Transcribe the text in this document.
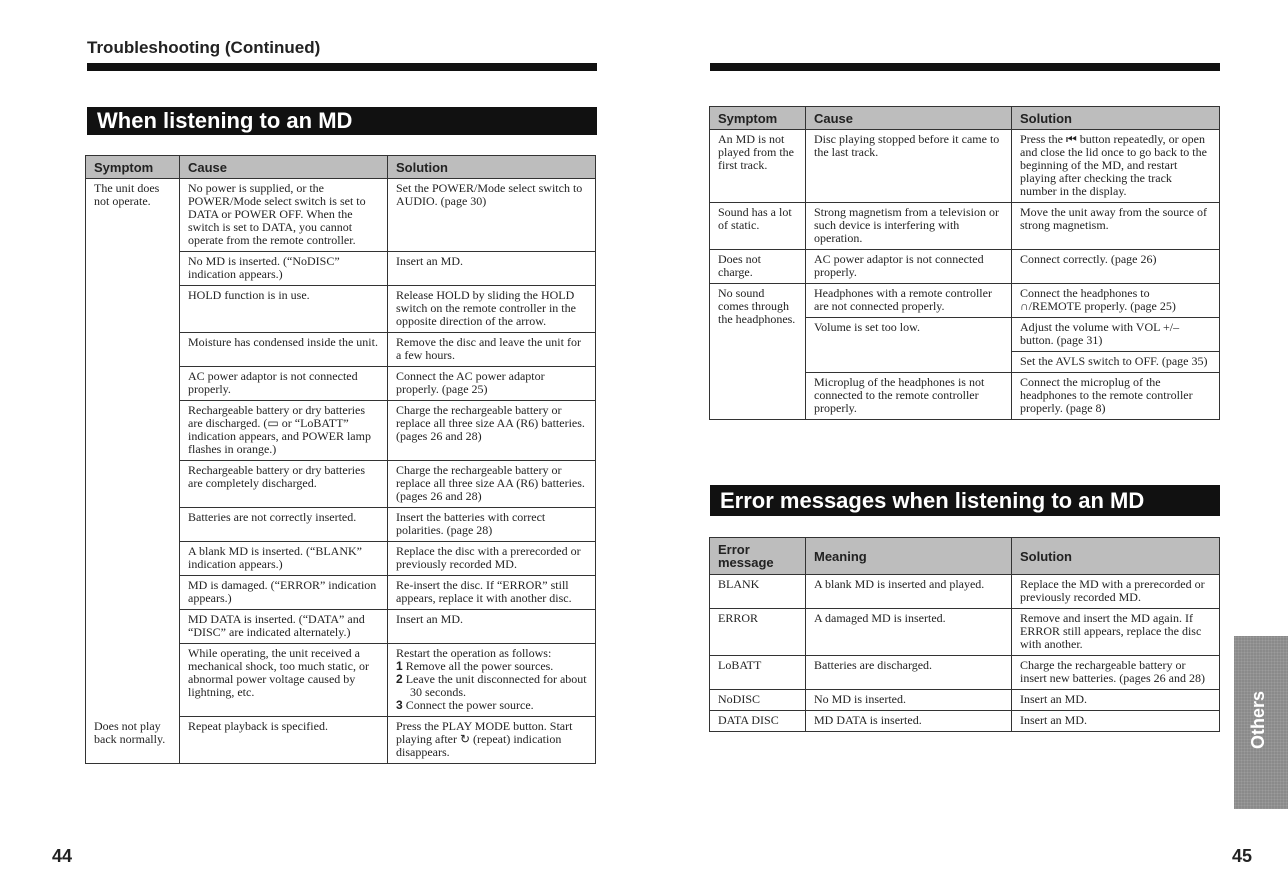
Troubleshooting (Continued)
When listening to an MD
Symptom	Cause	Solution
The unit does not operate.	No power is supplied, or the POWER/Mode select switch is set to DATA or POWER OFF. When the switch is set to DATA, you cannot operate from the remote controller.	Set the POWER/Mode select switch to AUDIO. (page 30)
	No MD is inserted. (“NoDISC” indication appears.)	Insert an MD.
	HOLD function is in use.	Release HOLD by sliding the HOLD switch on the remote controller in the opposite direction of the arrow.
	Moisture has condensed inside the unit.	Remove the disc and leave the unit for a few hours.
	AC power adaptor is not connected properly.	Connect the AC power adaptor properly. (page 25)
	Rechargeable battery or dry batteries are discharged. (▭ or “LoBATT” indication appears, and POWER lamp flashes in orange.)	Charge the rechargeable battery or replace all three size AA (R6) batteries. (pages 26 and 28)
	Rechargeable battery or dry batteries are completely discharged.	Charge the rechargeable battery or replace all three size AA (R6) batteries. (pages 26 and 28)
	Batteries are not correctly inserted.	Insert the batteries with correct polarities. (page 28)
	A blank MD is inserted. (“BLANK” indication appears.)	Replace the disc with a prerecorded or previously recorded MD.
	MD is damaged. (“ERROR” indication appears.)	Re-insert the disc. If “ERROR” still appears, replace it with another disc.
	MD DATA is inserted. (“DATA” and “DISC” are indicated alternately.)	Insert an MD.
	While operating, the unit received a mechanical shock, too much static, or abnormal power voltage caused by lightning, etc.	Restart the operation as follows:
1 Remove all the power sources.
2 Leave the unit disconnected for about 30 seconds.
3 Connect the power source.

Does not play back normally.	Repeat playback is specified.	Press the PLAY MODE button. Start playing after ↻ (repeat) indication disappears.
44
Symptom	Cause	Solution
An MD is not played from the first track.	Disc playing stopped before it came to the last track.	Press the ⏮ button repeatedly, or open and close the lid once to go back to the beginning of the MD, and restart playing after checking the track number in the display.
Sound has a lot of static.	Strong magnetism from a television or such device is interfering with operation.	Move the unit away from the source of strong magnetism.
Does not charge.	AC power adaptor is not connected properly.	Connect correctly. (page 26)
No sound comes through the headphones.	Headphones with a remote controller are not connected properly.	Connect the headphones to ∩/REMOTE properly. (page 25)
	Volume is set too low.	Adjust the volume with VOL +/– button. (page 31)
		Set the AVLS switch to OFF. (page 35)
	Microplug of the headphones is not connected to the remote controller properly.	Connect the microplug of the headphones to the remote controller properly. (page 8)
Error messages when listening to an MD
Error message	Meaning	Solution
BLANK	A blank MD is inserted and played.	Replace the MD with a prerecorded or previously recorded MD.
ERROR	A damaged MD is inserted.	Remove and insert the MD again. If ERROR still appears, replace the disc with another.
LoBATT	Batteries are discharged.	Charge the rechargeable battery or insert new batteries. (pages 26 and 28)
NoDISC	No MD is inserted.	Insert an MD.
DATA DISC	MD DATA is inserted.	Insert an MD.	Others
45
